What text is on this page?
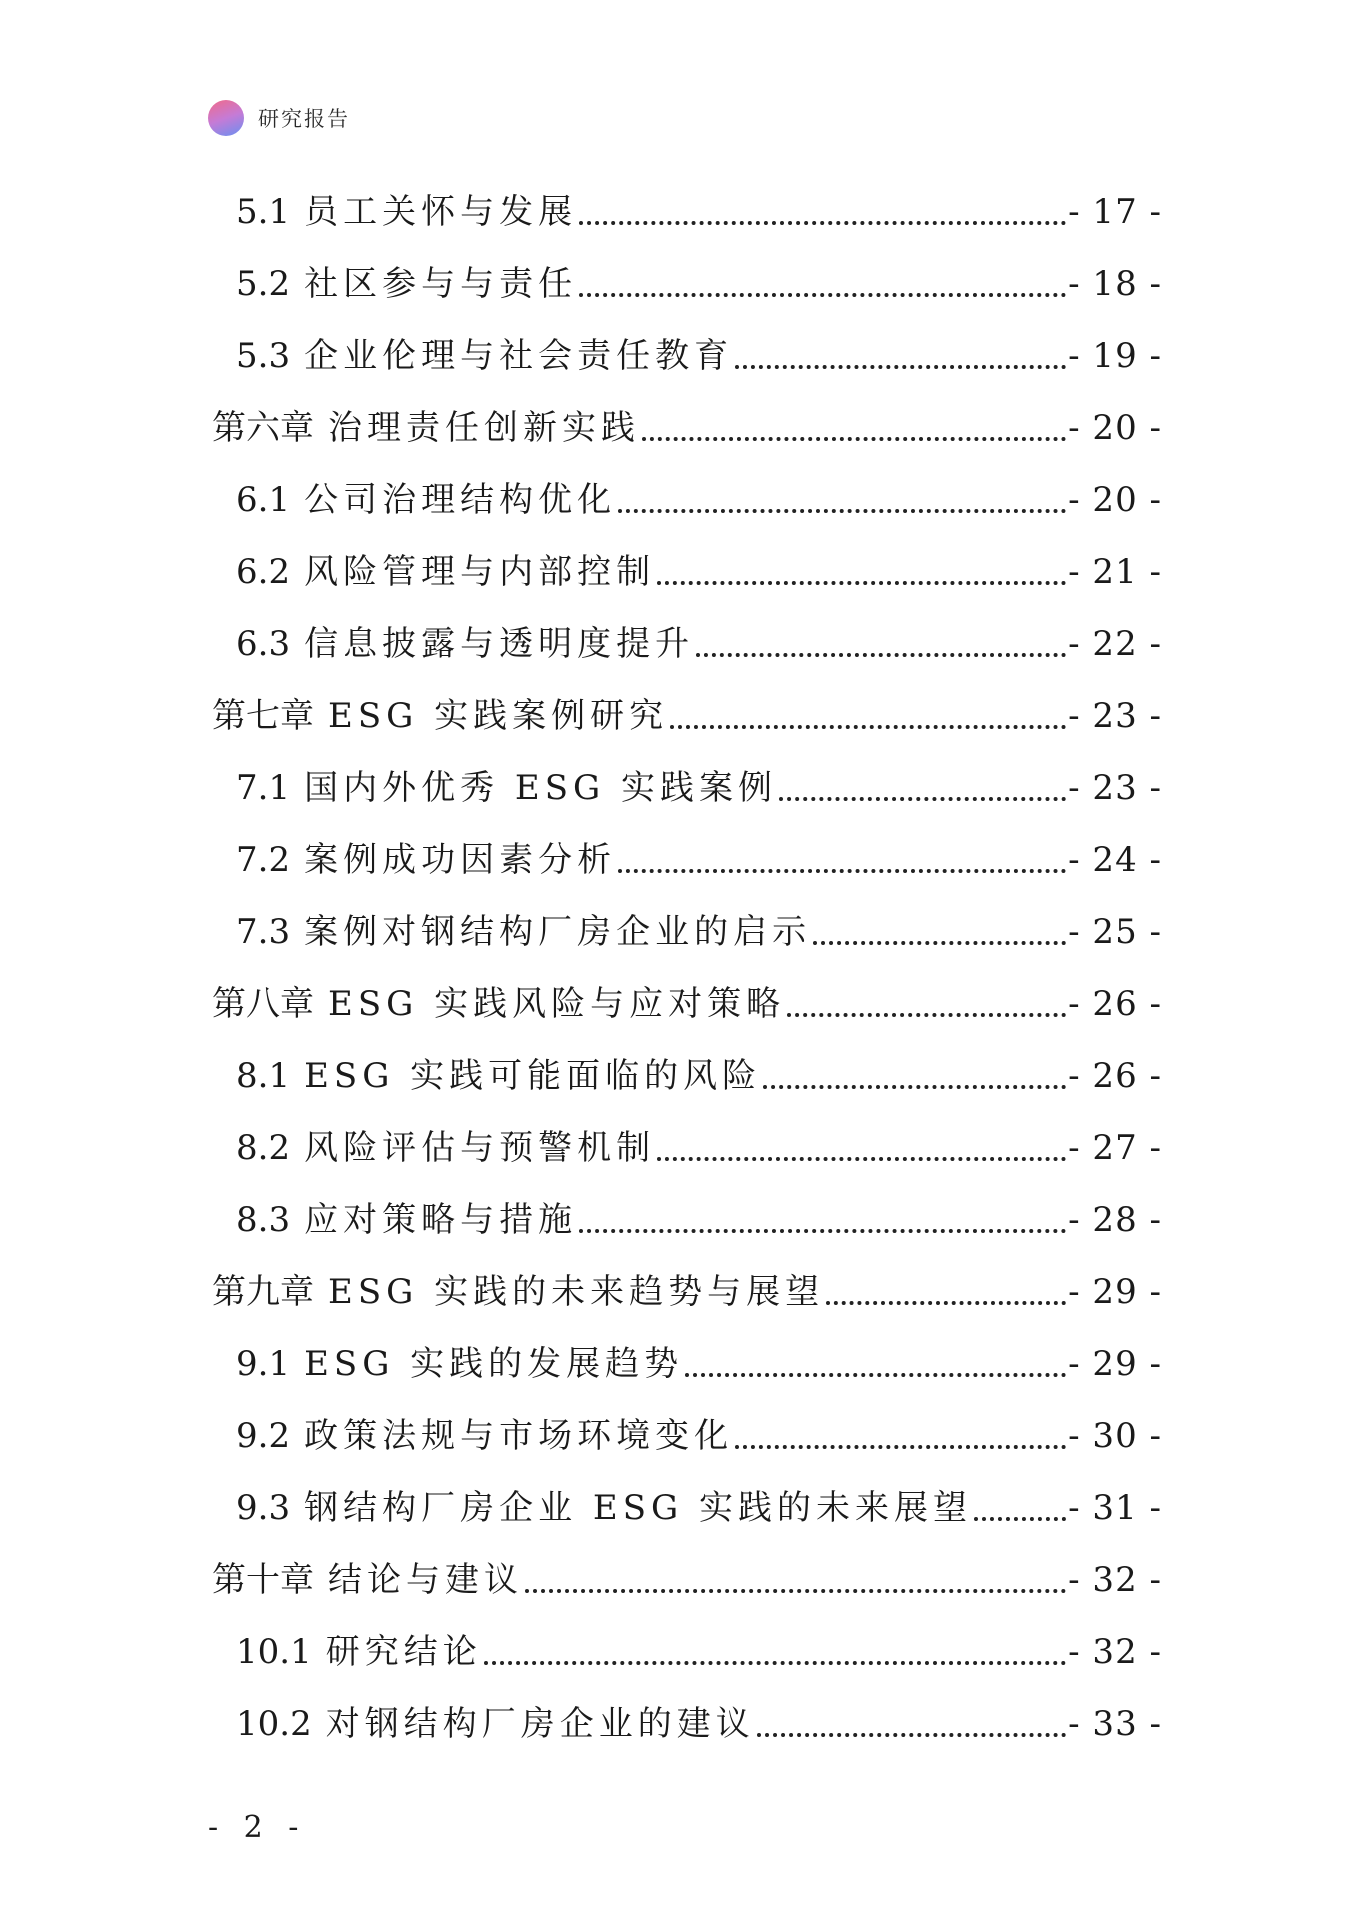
研究报告
5.1 员工关怀与发展	- 17 -
5.2 社区参与与责任	- 18 -
5.3 企业伦理与社会责任教育	- 19 -
第六章 治理责任创新实践	- 20 -
6.1 公司治理结构优化	- 20 -
6.2 风险管理与内部控制	- 21 -
6.3 信息披露与透明度提升	- 22 -
第七章 ESG 实践案例研究	- 23 -
7.1 国内外优秀 ESG 实践案例	- 23 -
7.2 案例成功因素分析	- 24 -
7.3 案例对钢结构厂房企业的启示	- 25 -
第八章 ESG 实践风险与应对策略	- 26 -
8.1 ESG 实践可能面临的风险	- 26 -
8.2 风险评估与预警机制	- 27 -
8.3 应对策略与措施	- 28 -
第九章 ESG 实践的未来趋势与展望	- 29 -
9.1 ESG 实践的发展趋势	- 29 -
9.2 政策法规与市场环境变化	- 30 -
9.3 钢结构厂房企业 ESG 实践的未来展望	- 31 -
第十章 结论与建议	- 32 -
10.1 研究结论	- 32 -
10.2 对钢结构厂房企业的建议	- 33 -
- 2 -
